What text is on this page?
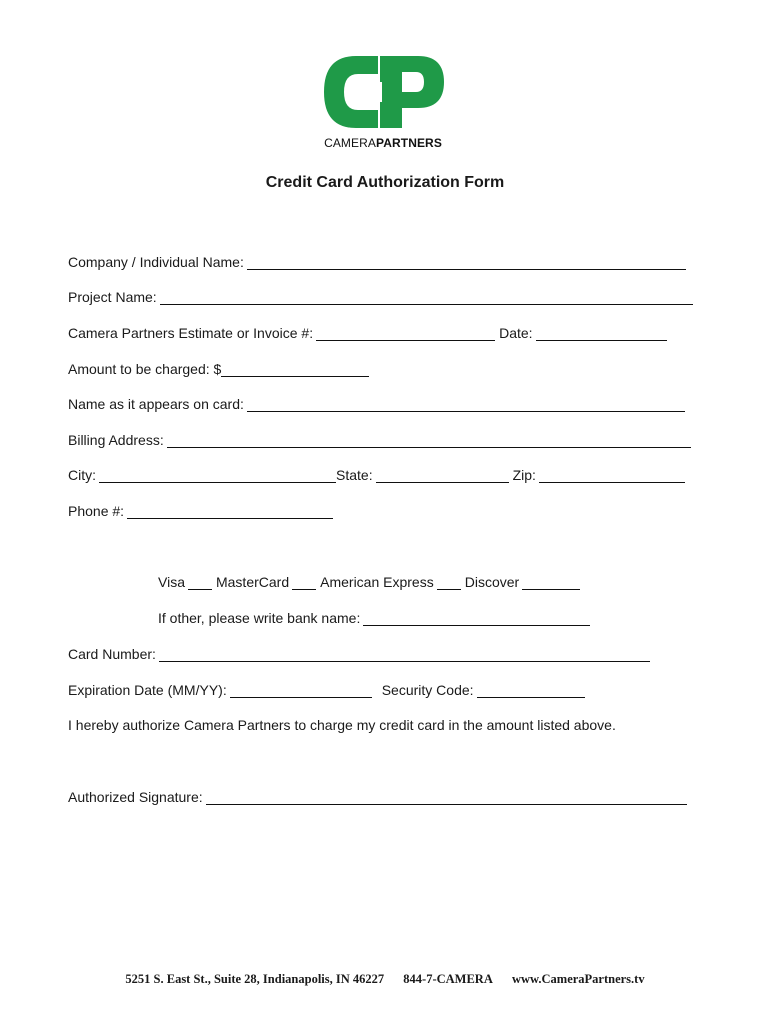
CAMERAPARTNERS
Credit Card Authorization Form
Company / Individual Name:
Project Name:
Camera Partners Estimate or Invoice #:	Date:
Amount to be charged: $
Name as it appears on card:
Billing Address:
City:	State:	Zip:
Phone #:
Visa MasterCard American Express Discover
If other, please write bank name:
Card Number:
Expiration Date (MM/YY):	Security Code:
I hereby authorize Camera Partners to charge my credit card in the amount listed above.
Authorized Signature:
5251 S. East St., Suite 28, Indianapolis, IN 46227 844-7-CAMERA www.CameraPartners.tv
